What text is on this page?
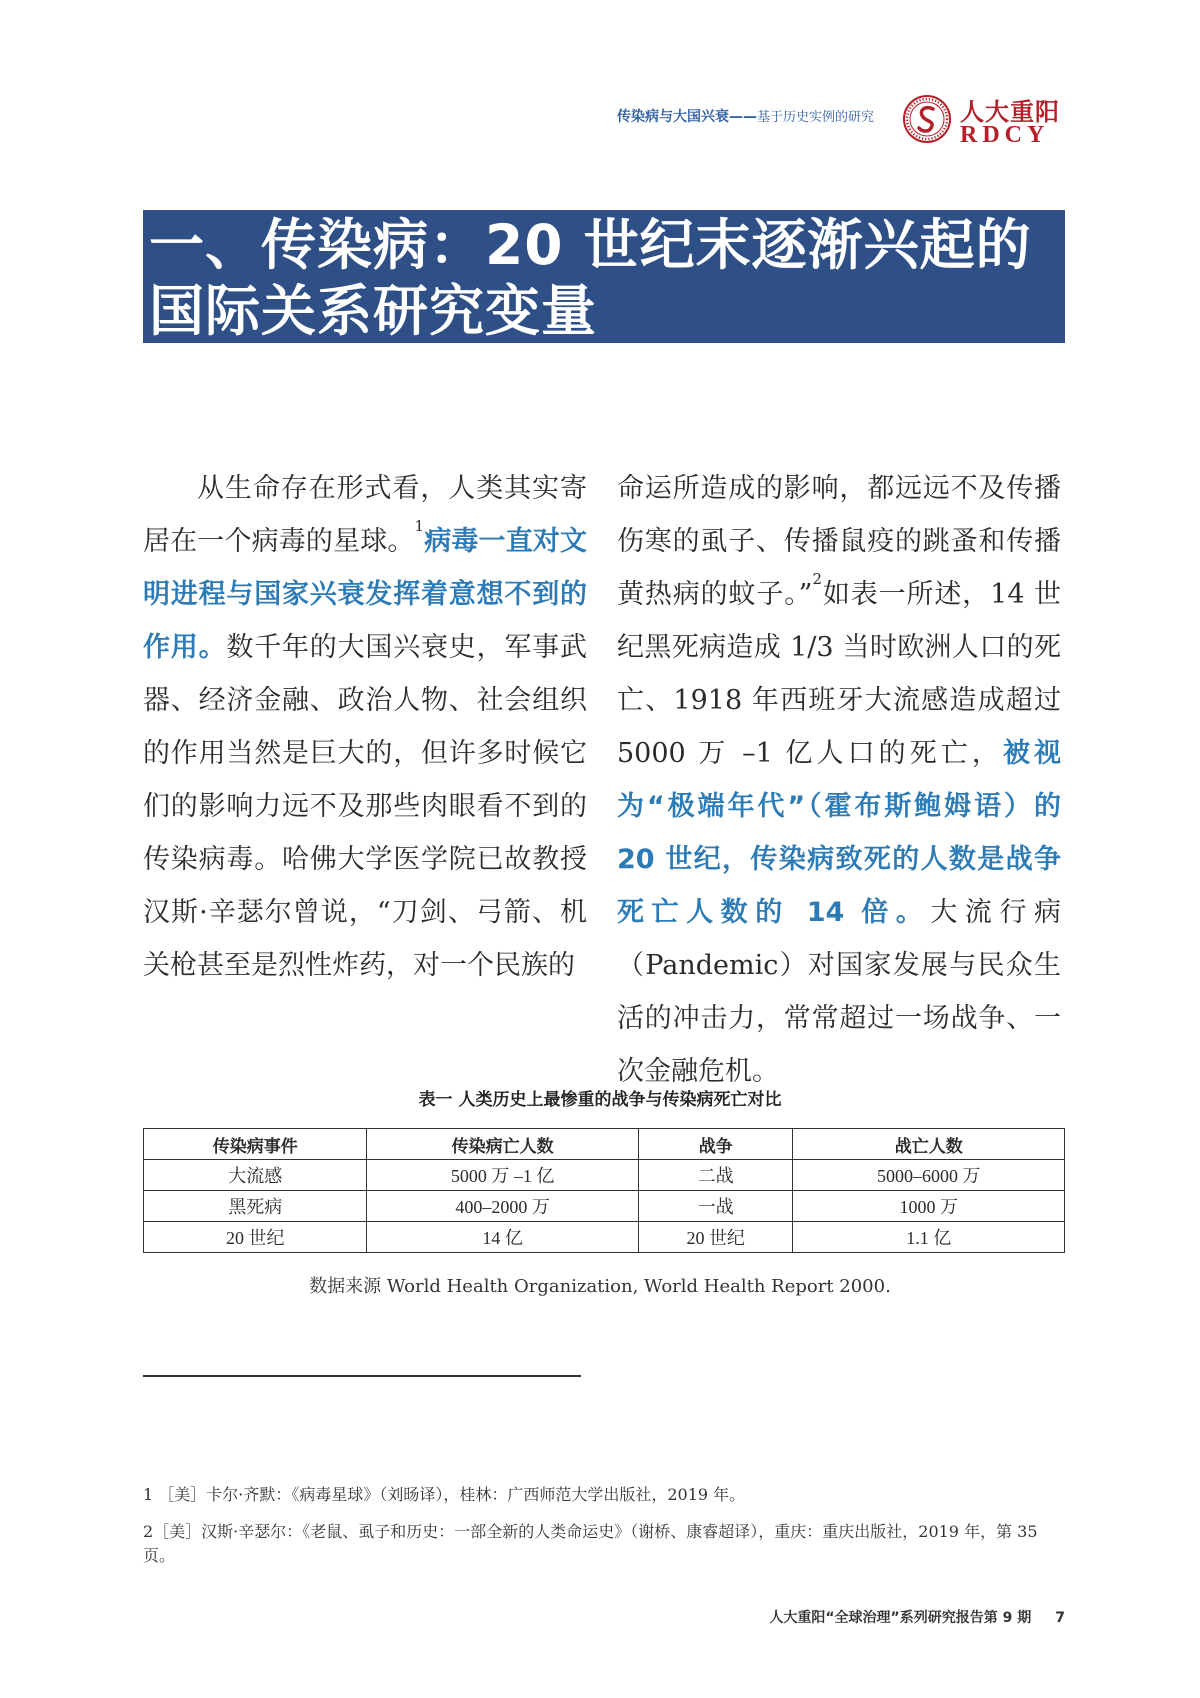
传染病与大国兴衰——基于历史实例的研究	人大重阳
RDCY
一、传染病：20 世纪末逐渐兴起的国际关系研究变量

从生命存在形式看，人类其实寄居在一个病毒的星球。$^1$病毒一直对文明进程与国家兴衰发挥着意想不到的作用。数千年的大国兴衰史，军事武器、经济金融、政治人物、社会组织的作用当然是巨大的，但许多时候它们的影响力远不及那些肉眼看不到的传染病毒。哈佛大学医学院已故教授汉斯·辛瑟尔曾说，“刀剑、弓箭、机关枪甚至是烈性炸药，对一个民族的

命运所造成的影响，都远远不及传播伤寒的虱子、传播鼠疫的跳蚤和传播黄热病的蚊子。”$^2$如表一所述，14 世纪黑死病造成 1/3 当时欧洲人口的死亡、1918 年西班牙大流感造成超过 5000 万 –1 亿人口的死亡，被视为“极端年代”（霍布斯鲍姆语）的 20 世纪，传染病致死的人数是战争死亡人数的 14 倍。大流行病（Pandemic）对国家发展与民众生活的冲击力，常常超过一场战争、一次金融危机。

表一 人类历史上最惨重的战争与传染病死亡对比
传染病事件	传染病亡人数	战争	战亡人数
大流感	5000 万 –1 亿	二战	5000–6000 万
黑死病	400–2000 万	一战	1000 万
20 世纪	14 亿	20 世纪	1.1 亿
数据来源 World Health Organization, World Health Report 2000.
1 ［美］卡尔·齐默：《病毒星球》（刘旸译），桂林：广西师范大学出版社，2019 年。
2［美］汉斯·辛瑟尔：《老鼠、虱子和历史：一部全新的人类命运史》（谢桥、康睿超译），重庆：重庆出版社，2019 年，第 35 页。
人大重阳“全球治理”系列研究报告第 9 期 7
